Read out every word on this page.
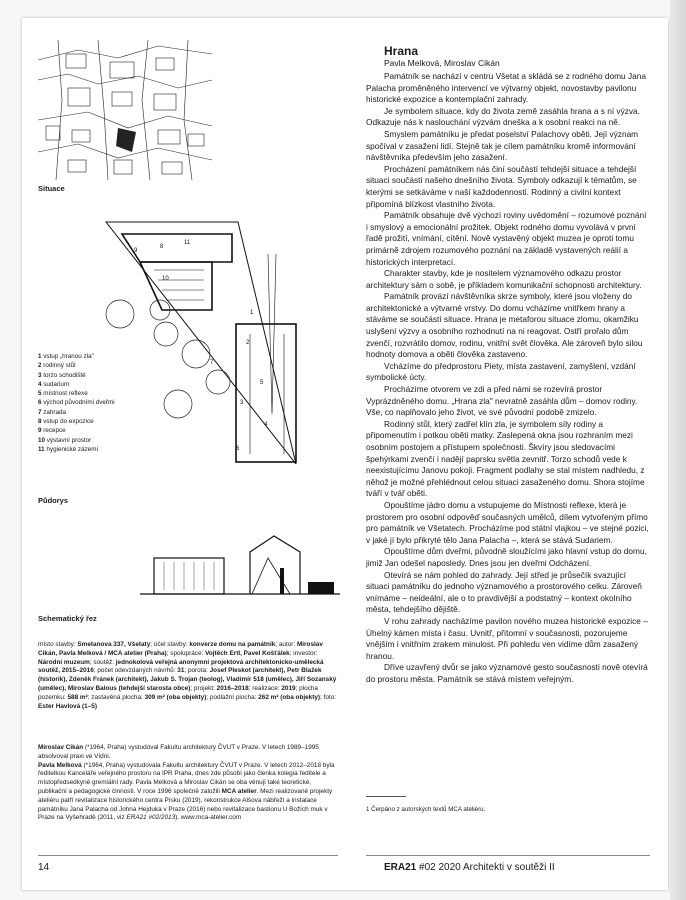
Situace
9
8
11
10
7
2
5
3
4
1
6
1 vstup „hranou zla"
2 rodinný stůl
3 torzo schodiště
4 sudarium
5 místnost reflexe
6 východ původními dveřmi
7 zahrada
8 vstup do expozice
9 recepce
10 výstavní prostor
11 hygienické zázemí
Půdorys
Schematický řez
místo stavby: Smetanova 337, Všetaty; účel stavby: konverze domu na památník; autor: Miroslav Cikán, Pavla Melková / MCA atelier (Praha); spolupráce: Vojtěch Ertl, Pavel Košťálek; investor: Národní muzeum; soutěž: jednokolová veřejná anonymní projektová architektonicko-umělecká soutěž, 2015–2016; počet odevzdaných návrhů: 31; porota: Josef Pleskot (architekt), Petr Blažek (historik), Zdeněk Fránek (architekt), Jakub S. Trojan (teolog), Vladimír 518 (umělec), Jiří Sozanský (umělec), Miroslav Balous (tehdejší starosta obce); projekt: 2016–2018; realizace: 2019; plocha pozemku: 588 m²; zastavěná plocha: 309 m² (oba objekty); podlažní plocha: 262 m² (oba objekty); foto: Ester Havlová (1–5)

Miroslav Cikán (*1964, Praha) vystudoval Fakultu architektury ČVUT v Praze. V letech 1989–1995 absolvoval praxi ve Vídni.

Pavla Melková (*1964, Praha) vystudovala Fakultu architektury ČVUT v Praze. V letech 2012–2018 byla ředitelkou Kanceláře veřejného prostoru na IPR Praha, dnes zde působí jako členka kolegia ředitele a místopředsedkyně gremiální rady. Pavla Melková a Miroslav Cikán se oba věnují také teoretické, publikační a pedagogické činnosti. V roce 1996 společně založili MCA atelier. Mezi realizované projekty ateliéru patří revitalizace historického centra Písku (2019), rekonstrukce Alšova nábřeží a instalace památníku Jana Palacha od Johna Hejduka v Praze (2016) nebo revitalizace bastionu U Božích muk v Praze na Vyšehradě (2011, viz ERA21 #02/2013). www.mca-atelier.com

Hrana
Pavla Melková, Miroslav Cikán

Památník se nachází v centru Všetat a skládá se z rodného domu Jana Palacha proměněného intervencí ve výtvarný objekt, novostavby pavilonu historické expozice a kontemplační zahrady.

Je symbolem situace, kdy do života země zasáhla hrana a s ní výzva. Odkazuje nás k naslouchání výzvám dneška a k osobní reakci na ně.

Smyslem památníku je předat poselství Palachovy oběti. Její význam spočíval v zasažení lidí. Stejně tak je cílem památníku kromě informování návštěvníka především jeho zasažení.

Procházení památníkem nás činí součástí tehdejší situace a tehdejší situaci součástí našeho dnešního života. Symboly odkazují k tématům, se kterými se setkáváme v naší každodennosti. Rodinný a civilní kontext připomíná blízkost vlastního života.

Památník obsahuje dvě výchozí roviny uvědomění – rozumové poznání i smyslový a emocionální prožitek. Objekt rodného domu vyvolává v první řadě prožití, vnímání, cítění. Nově vystavěný objekt muzea je oproti tomu primárně zdrojem rozumového poznání na základě vystavených reálií a historických interpretací.

Charakter stavby, kde je nositelem významového odkazu prostor architektury sám o sobě, je příkladem komunikační schopnosti architektury.

Památník provází návštěvníka skrze symboly, které jsou vloženy do architektonické a výtvarné vrstvy. Do domu vcházíme vnitřkem hrany a stáváme se součástí situace. Hrana je metaforou situace zlomu, okamžiku uslyšení výzvy a osobního rozhodnutí na ni reagovat. Ostří prořalo dům zvenčí, rozvrátilo domov, rodinu, vnitřní svět člověka. Ale zároveň bylo silou hodnoty domova a oběti člověka zastaveno.

Vcházíme do předprostoru Piety, místa zastavení, zamyšlení, vzdání symbolické úcty.

Procházíme otvorem ve zdi a před námi se rozevírá prostor Vyprázdněného domu. „Hrana zla" nevratně zasáhla dům – domov rodiny. Vše, co naplňovalo jeho život, ve své původní podobě zmizelo.

Rodinný stůl, který zadřel klín zla, je symbolem síly rodiny a připomenutím i potkou oběti matky. Zaslepená okna jsou rozhraním mezi osobním postojem a přístupem společnosti. Škvíry jsou sledovacími špehýrkami zvenčí i nadějí paprsku světla zevnitř. Torzo schodů vede k neexistujícímu Janovu pokoji. Fragment podlahy se stal místem nadhledu, z něhož je možné přehlédnout celou situaci zasaženého domu. Shora stojíme tváří v tvář oběti.

Opouštíme jádro domu a vstupujeme do Místnosti reflexe, která je prostorem pro osobní odpověď současných umělců, dílem vytvořeným přímo pro památník ve Všetatech. Procházíme pod státní vlajkou – ve stejné pozici, v jaké jí bylo přikryté tělo Jana Palacha –, která se stává Sudariem.

Opouštíme dům dveřmi, původně sloužícími jako hlavní vstup do domu, jimiž Jan odešel naposledy. Dnes jsou jen dveřmi Odcházení.

Otevírá se nám pohled do zahrady. Její střed je průsečík svazující situaci památníku do jednoho významového a prostorového celku. Zároveň vnímáme – neideální, ale o to pravdivější a podstatný – kontext okolního města, tehdejšího dějiště.

V rohu zahrady nacházíme pavilon nového muzea historické expozice – Úhelný kámen místa i času. Uvnitř, přítomní v současnosti, pozorujeme vnějším i vnitřním zrakem minulost. Při pohledu ven vidíme dům zasažený hranou.

Dříve uzavřený dvůr se jako významové gesto současnosti nově otevírá do prostoru města. Památník se stává místem veřejným.

1 Čerpáno z autorských textů MCA ateliéru.
14	ERA21 #02 2020 Architekti v soutěži II
